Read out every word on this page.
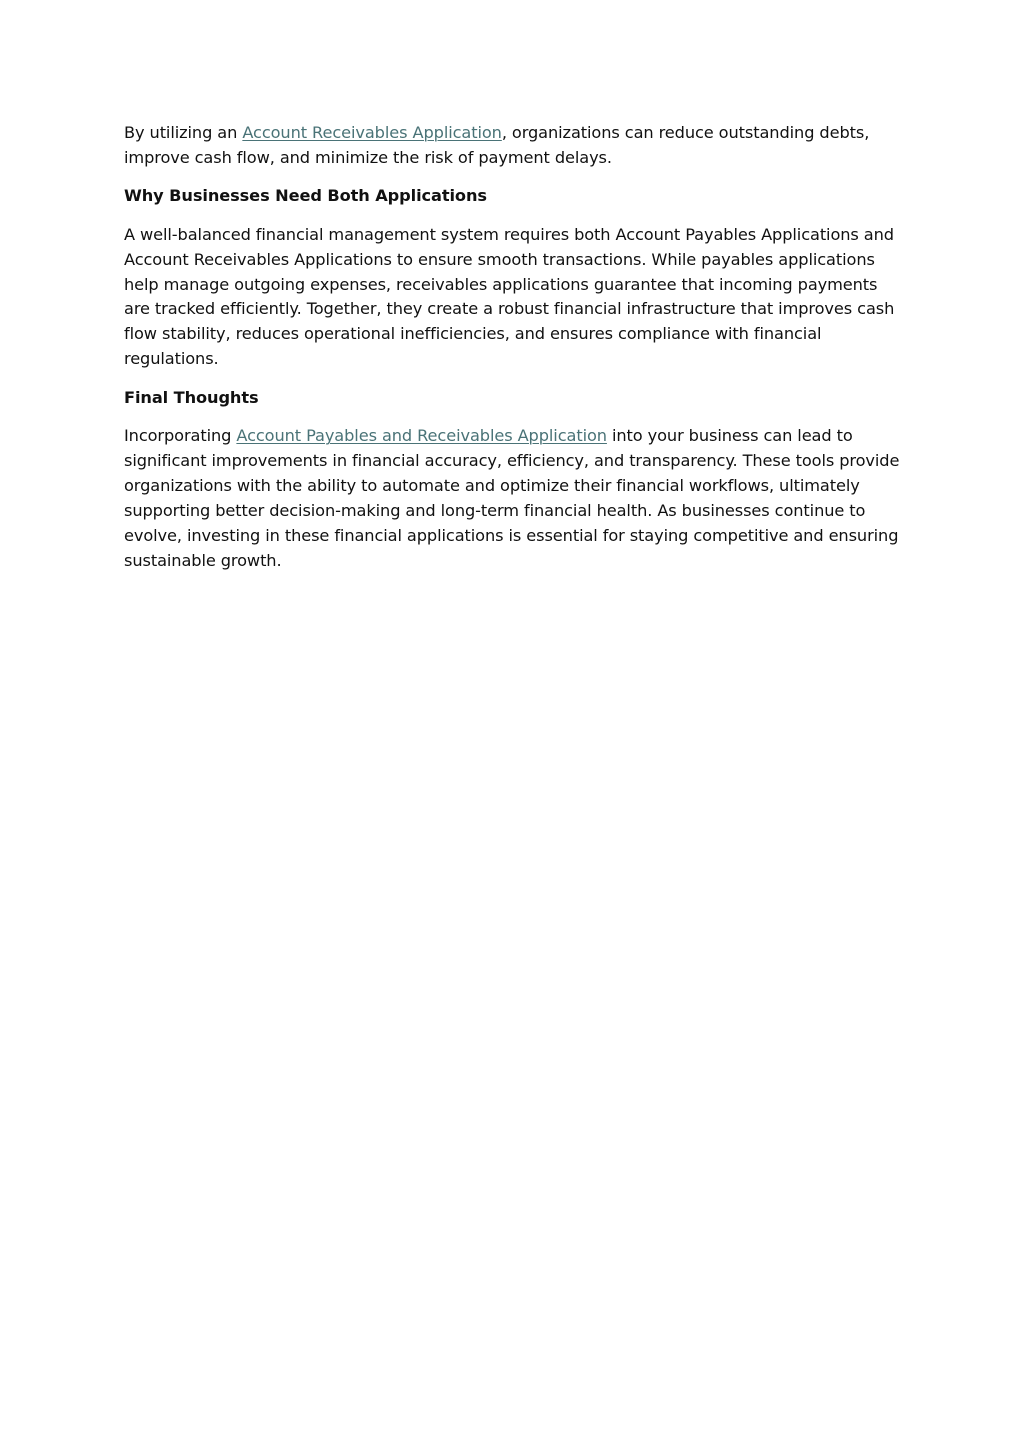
By utilizing an Account Receivables Application, organizations can reduce outstanding debts, improve cash flow, and minimize the risk of payment delays.

Why Businesses Need Both Applications

A well-balanced financial management system requires both Account Payables Applications and Account Receivables Applications to ensure smooth transactions. While payables applications help manage outgoing expenses, receivables applications guarantee that incoming payments are tracked efficiently. Together, they create a robust financial infrastructure that improves cash flow stability, reduces operational inefficiencies, and ensures compliance with financial regulations.

Final Thoughts

Incorporating Account Payables and Receivables Application into your business can lead to significant improvements in financial accuracy, efficiency, and transparency. These tools provide organizations with the ability to automate and optimize their financial workflows, ultimately supporting better decision-making and long-term financial health. As businesses continue to evolve, investing in these financial applications is essential for staying competitive and ensuring sustainable growth.
